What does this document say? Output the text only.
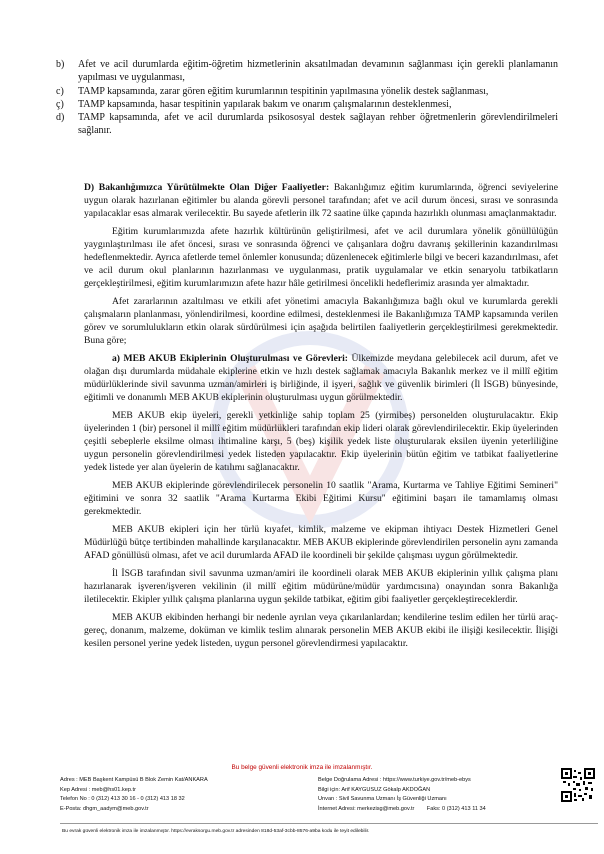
b)	Afet ve acil durumlarda eğitim-öğretim hizmetlerinin aksatılmadan devamının sağlanması için gerekli planlamanın yapılması ve uygulanması,
c)	TAMP kapsamında, zarar gören eğitim kurumlarının tespitinin yapılmasına yönelik destek sağlanması,
ç)	TAMP kapsamında, hasar tespitinin yapılarak bakım ve onarım çalışmalarının desteklenmesi,
d)	TAMP kapsamında, afet ve acil durumlarda psikososyal destek sağlayan rehber öğretmenlerin görevlendirilmeleri sağlanır.

D) Bakanlığımızca Yürütülmekte Olan Diğer Faaliyetler: Bakanlığımız eğitim kurumlarında, öğrenci seviyelerine uygun olarak hazırlanan eğitimler bu alanda görevli personel tarafından; afet ve acil durum öncesi, sırası ve sonrasında yapılacaklar esas almarak verilecektir. Bu sayede afetlerin ilk 72 saatine ülke çapında hazırlıklı olunması amaçlanmaktadır.

Eğitim kurumlarımızda afete hazırlık kültürünün geliştirilmesi, afet ve acil durumlara yönelik gönüllülüğün yaygınlaştırılması ile afet öncesi, sırası ve sonrasında öğrenci ve çalışanlara doğru davranış şekillerinin kazandırılması hedeflenmektedir. Ayrıca afetlerde temel önlemler konusunda; düzenlenecek eğitimlerle bilgi ve beceri kazandırılması, afet ve acil durum okul planlarının hazırlanması ve uygulanması, pratik uygulamalar ve etkin senaryolu tatbikatların gerçekleştirilmesi, eğitim kurumlarımızın afete hazır hâle getirilmesi öncelikli hedeflerimiz arasında yer almaktadır.

Afet zararlarının azaltılması ve etkili afet yönetimi amacıyla Bakanlığımıza bağlı okul ve kurumlarda gerekli çalışmaların planlanması, yönlendirilmesi, koordine edilmesi, desteklenmesi ile Bakanlığımıza TAMP kapsamında verilen görev ve sorumlulukların etkin olarak sürdürülmesi için aşağıda belirtilen faaliyetlerin gerçekleştirilmesi gerekmektedir. Buna göre;

a) MEB AKUB Ekiplerinin Oluşturulması ve Görevleri: Ülkemizde meydana gelebilecek acil durum, afet ve olağan dışı durumlarda müdahale ekiplerine etkin ve hızlı destek sağlamak amacıyla Bakanlık merkez ve il millî eğitim müdürlüklerinde sivil savunma uzman/amirleri iş birliğinde, il işyeri, sağlık ve güvenlik birimleri (İl İSGB) bünyesinde, eğitimli ve donanımlı MEB AKUB ekiplerinin oluşturulması uygun görülmektedir.

MEB AKUB ekip üyeleri, gerekli yetkinliğe sahip toplam 25 (yirmibeş) personelden oluşturulacaktır. Ekip üyelerinden 1 (bir) personel il millî eğitim müdürlükleri tarafından ekip lideri olarak görevlendirilecektir. Ekip üyelerinden çeşitli sebeplerle eksilme olması ihtimaline karşı, 5 (beş) kişilik yedek liste oluşturularak eksilen üyenin yeterliliğine uygun personelin görevlendirilmesi yedek listeden yapılacaktır. Ekip üyelerinin bütün eğitim ve tatbikat faaliyetlerine yedek listede yer alan üyelerin de katılımı sağlanacaktır.

MEB AKUB ekiplerinde görevlendirilecek personelin 10 saatlik "Arama, Kurtarma ve Tahliye Eğitimi Semineri" eğitimini ve sonra 32 saatlik "Arama Kurtarma Ekibi Eğitimi Kursu" eğitimini başarı ile tamamlamış olması gerekmektedir.

MEB AKUB ekipleri için her türlü kıyafet, kimlik, malzeme ve ekipman ihtiyacı Destek Hizmetleri Genel Müdürlüğü bütçe tertibinden mahallinde karşılanacaktır. MEB AKUB ekiplerinde görevlendirilen personelin aynı zamanda AFAD gönüllüsü olması, afet ve acil durumlarda AFAD ile koordineli bir şekilde çalışması uygun görülmektedir.

İl İSGB tarafından sivil savunma uzman/amiri ile koordineli olarak MEB AKUB ekiplerinin yıllık çalışma planı hazırlanarak işveren/işveren vekilinin (il millî eğitim müdürüne/müdür yardımcısına) onayından sonra Bakanlığa iletilecektir. Ekipler yıllık çalışma planlarına uygun şekilde tatbikat, eğitim gibi faaliyetler gerçekleştireceklerdir.

MEB AKUB ekibinden herhangi bir nedenle ayrılan veya çıkarılanlardan; kendilerine teslim edilen her türlü araç-gereç, donanım, malzeme, doküman ve kimlik teslim alınarak personelin MEB AKUB ekibi ile ilişiği kesilecektir. İlişiği kesilen personel yerine yedek listeden, uygun personel görevlendirmesi yapılacaktır.

Bu belge güvenli elektronik imza ile imzalanmıştır.
Adres : MEB Başkent Kampüsü B Blok Zemin Kat/ANKARA
Kep Adresi : meb@hs01.kep.tr
Telefon No : 0 (312) 413 30 16 - 0 (312) 413 18 32
E-Posta: dhgm_aadym@meb.gov.tr
Belge Doğrulama Adresi : https://www.turkiye.gov.tr/meb-ebys
Bilgi için: Arif KAYGUSUZ Gökalp AKDOĞAN
Unvan : Sivil Savunma Uzmanı İş Güvenliği Uzmanı
İnternet Adresi: merkezisg@meb.gov.tr Faks: 0 (312) 413 11 34
Bu evrak güvenli elektronik imza ile imzalanmıştır. https://evraksorgu.meb.gov.tr adresinden 818d-53af-3cbb-8576-a9ba kodu ile teyit edilebilir.
